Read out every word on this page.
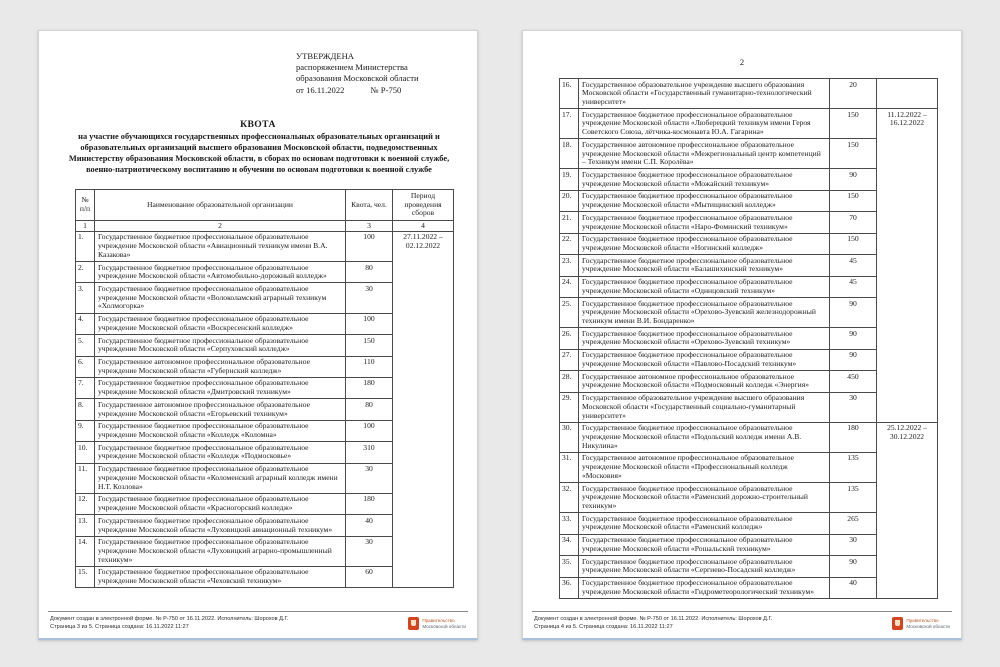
УТВЕРЖДЕНА
распоряжением Министерства
образования Московской области
от 16.11.2022	№ Р-750
КВОТА
на участие обучающихся государственных профессиональных образовательных организаций и образовательных организаций высшего образования Московской области, подведомственных Министерству образования Московской области, в сборах по основам подготовки к военной службе, военно-патриотическому воспитанию и обучении по основам подготовки к военной службе
№ п/п	Наименование образовательной организации	Квота, чел.	Период проведения сборов
1	2	3	4
1.	Государственное бюджетное профессиональное образовательное учреждение Московской области «Авиационный техникум имени В.А. Казакова»	100	27.11.2022 – 02.12.2022
2.	Государственное бюджетное профессиональное образовательное учреждение Московской области «Автомобильно-дорожный колледж»	80	
3.	Государственное бюджетное профессиональное образовательное учреждение Московской области «Волоколамский аграрный техникум «Холмогорка»	30	
4.	Государственное бюджетное профессиональное образовательное учреждение Московской области «Воскресенский колледж»	100	
5.	Государственное бюджетное профессиональное образовательное учреждение Московской области «Серпуховский колледж»	150	
6.	Государственное автономное профессиональное образовательное учреждение Московской области «Губернский колледж»	110	
7.	Государственное бюджетное профессиональное образовательное учреждение Московской области «Дмитровский техникум»	180	
8.	Государственное автономное профессиональное образовательное учреждение Московской области «Егорьевский техникум»	80	
9.	Государственное бюджетное профессиональное образовательное учреждение Московской области «Колледж «Коломна»	100	
10.	Государственное бюджетное профессиональное образовательное учреждение Московской области «Колледж «Подмосковье»	310	
11.	Государственное бюджетное профессиональное образовательное учреждение Московской области «Коломенский аграрный колледж имени Н.Т. Козлова»	30	
12.	Государственное бюджетное профессиональное образовательное учреждение Московской области «Красногорский колледж»	180	
13.	Государственное бюджетное профессиональное образовательное учреждение Московской области «Луховицкий авиационный техникум»	40	
14.	Государственное бюджетное профессиональное образовательное учреждение Московской области «Луховицкий аграрно-промышленный техникум»	30	
15.	Государственное бюджетное профессиональное образовательное учреждение Московской области «Чеховский техникум»	60	
Документ создан в электронной форме. № Р-750 от 16.11.2022. Исполнитель: Шорохов Д.Г.
Страница 3 из 5. Страница создана: 16.11.2022 11:27
Правительство
Московской области
2
16.	Государственное образовательное учреждение высшего образования Московской области «Государственный гуманитарно-технологический университет»	20	
17.	Государственное бюджетное профессиональное образовательное учреждение Московской области «Люберецкий техникум имени Героя Советского Союза, лётчика-космонавта Ю.А. Гагарина»	150	11.12.2022 – 16.12.2022
18.	Государственное автономное профессиональное образовательное учреждение Московской области «Межрегиональный центр компетенций – Техникум имени С.П. Королёва»	150	
19.	Государственное бюджетное профессиональное образовательное учреждение Московской области «Можайский техникум»	90	
20.	Государственное бюджетное профессиональное образовательное учреждение Московской области «Мытищинский колледж»	150	
21.	Государственное бюджетное профессиональное образовательное учреждение Московской области «Наро-Фоминский техникум»	70	
22.	Государственное бюджетное профессиональное образовательное учреждение Московской области «Ногинский колледж»	150	
23.	Государственное бюджетное профессиональное образовательное учреждение Московской области «Балашихинский техникум»	45	
24.	Государственное бюджетное профессиональное образовательное учреждение Московской области «Одинцовский техникум»	45	
25.	Государственное бюджетное профессиональное образовательное учреждение Московской области «Орехово-Зуевский железнодорожный техникум имени В.И. Бондаренко»	90	
26.	Государственное бюджетное профессиональное образовательное учреждение Московской области «Орехово-Зуевский техникум»	90	
27.	Государственное бюджетное профессиональное образовательное учреждение Московской области «Павлово-Посадский техникум»	90	
28.	Государственное автономное профессиональное образовательное учреждение Московской области «Подмосковный колледж «Энергия»	450	
29.	Государственное образовательное учреждение высшего образования Московской области «Государственный социально-гуманитарный университет»	30	
30.	Государственное бюджетное профессиональное образовательное учреждение Московской области «Подольский колледж имени А.В. Никулина»	180	25.12.2022 – 30.12.2022
31.	Государственное автономное профессиональное образовательное учреждение Московской области «Профессиональный колледж «Московия»	135	
32.	Государственное бюджетное профессиональное образовательное учреждение Московской области «Раменский дорожно-строительный техникум»	135	
33.	Государственное бюджетное профессиональное образовательное учреждение Московской области «Раменский колледж»	265	
34.	Государственное бюджетное профессиональное образовательное учреждение Московской области «Рошальский техникум»	30	
35.	Государственное бюджетное профессиональное образовательное учреждение Московской области «Сергиево-Посадский колледж»	90	
36.	Государственное бюджетное профессиональное образовательное учреждение Московской области «Гидрометеорологический техникум»	40	
Документ создан в электронной форме. № Р-750 от 16.11.2022. Исполнитель: Шорохов Д.Г.
Страница 4 из 5. Страница создана: 16.11.2022 11:27
Правительство
Московской области
